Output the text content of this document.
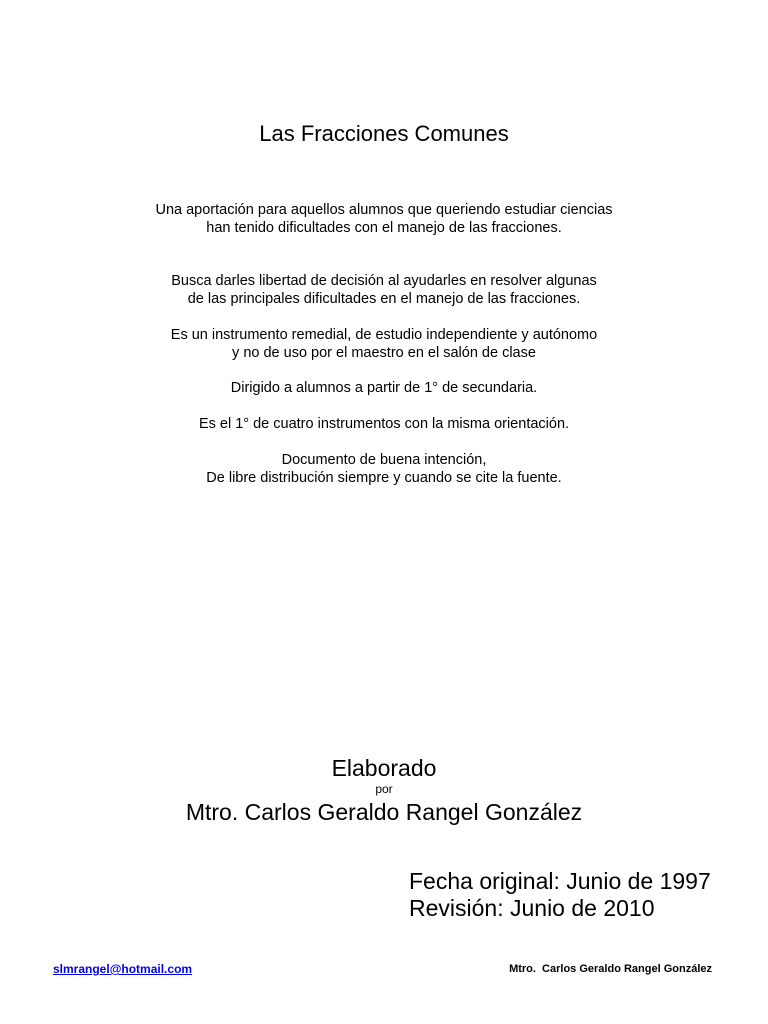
Las Fracciones Comunes
Una aportación para aquellos alumnos que queriendo estudiar ciencias
han tenido dificultades con el manejo de las fracciones.
Busca darles libertad de decisión al ayudarles en resolver algunas
de las principales dificultades en el manejo de las fracciones.
Es un instrumento remedial, de estudio independiente y autónomo
y no de uso por el maestro en el salón de clase
Dirigido a alumnos a partir de 1° de secundaria.
Es el 1° de cuatro instrumentos con la misma orientación.
Documento de buena intención,
De libre distribución siempre y cuando se cite la fuente.
Elaborado
por
Mtro. Carlos Geraldo Rangel González
Fecha original: Junio de 1997
Revisión: Junio de 2010
slmrangel@hotmail.com	Mtro.  Carlos Geraldo Rangel González
